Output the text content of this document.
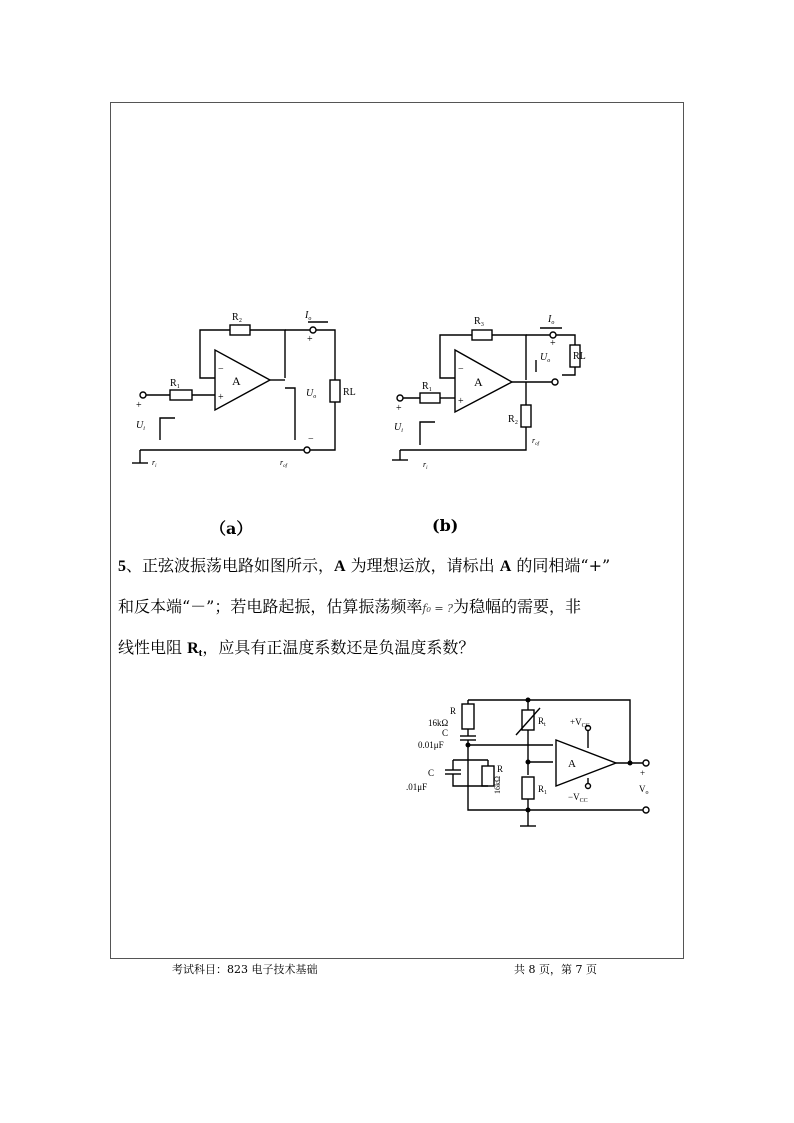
R₂
R₁	A
−
+	RL
$I_o$
+
−
$U_o$
+
$U_i$
$r_i$	$r_{of}$
R₃
R₁
R₂
A
−
+
RL
$I_o$
+
$U_o$
+
$U_i$
$r_i$
$r_{of}$
（a）	(b)
5、正弦波振荡电路如图所示，A 为理想运放，请标出 A 的同相端“+”
和反本端“－”；若电路起振，估算振荡频率f₀ = ?为稳幅的需要，非
线性电阻 Rt，应具有正温度系数还是负温度系数？
R
16kΩ
C
0.01μF
C
.01μF
R
16kΩ
$R_t$
$R_1$
A
$+V_{CC}$
$-V_{CC}$
+
$V_o$
考试科目：823 电子技术基础	共 8 页，第 7 页
